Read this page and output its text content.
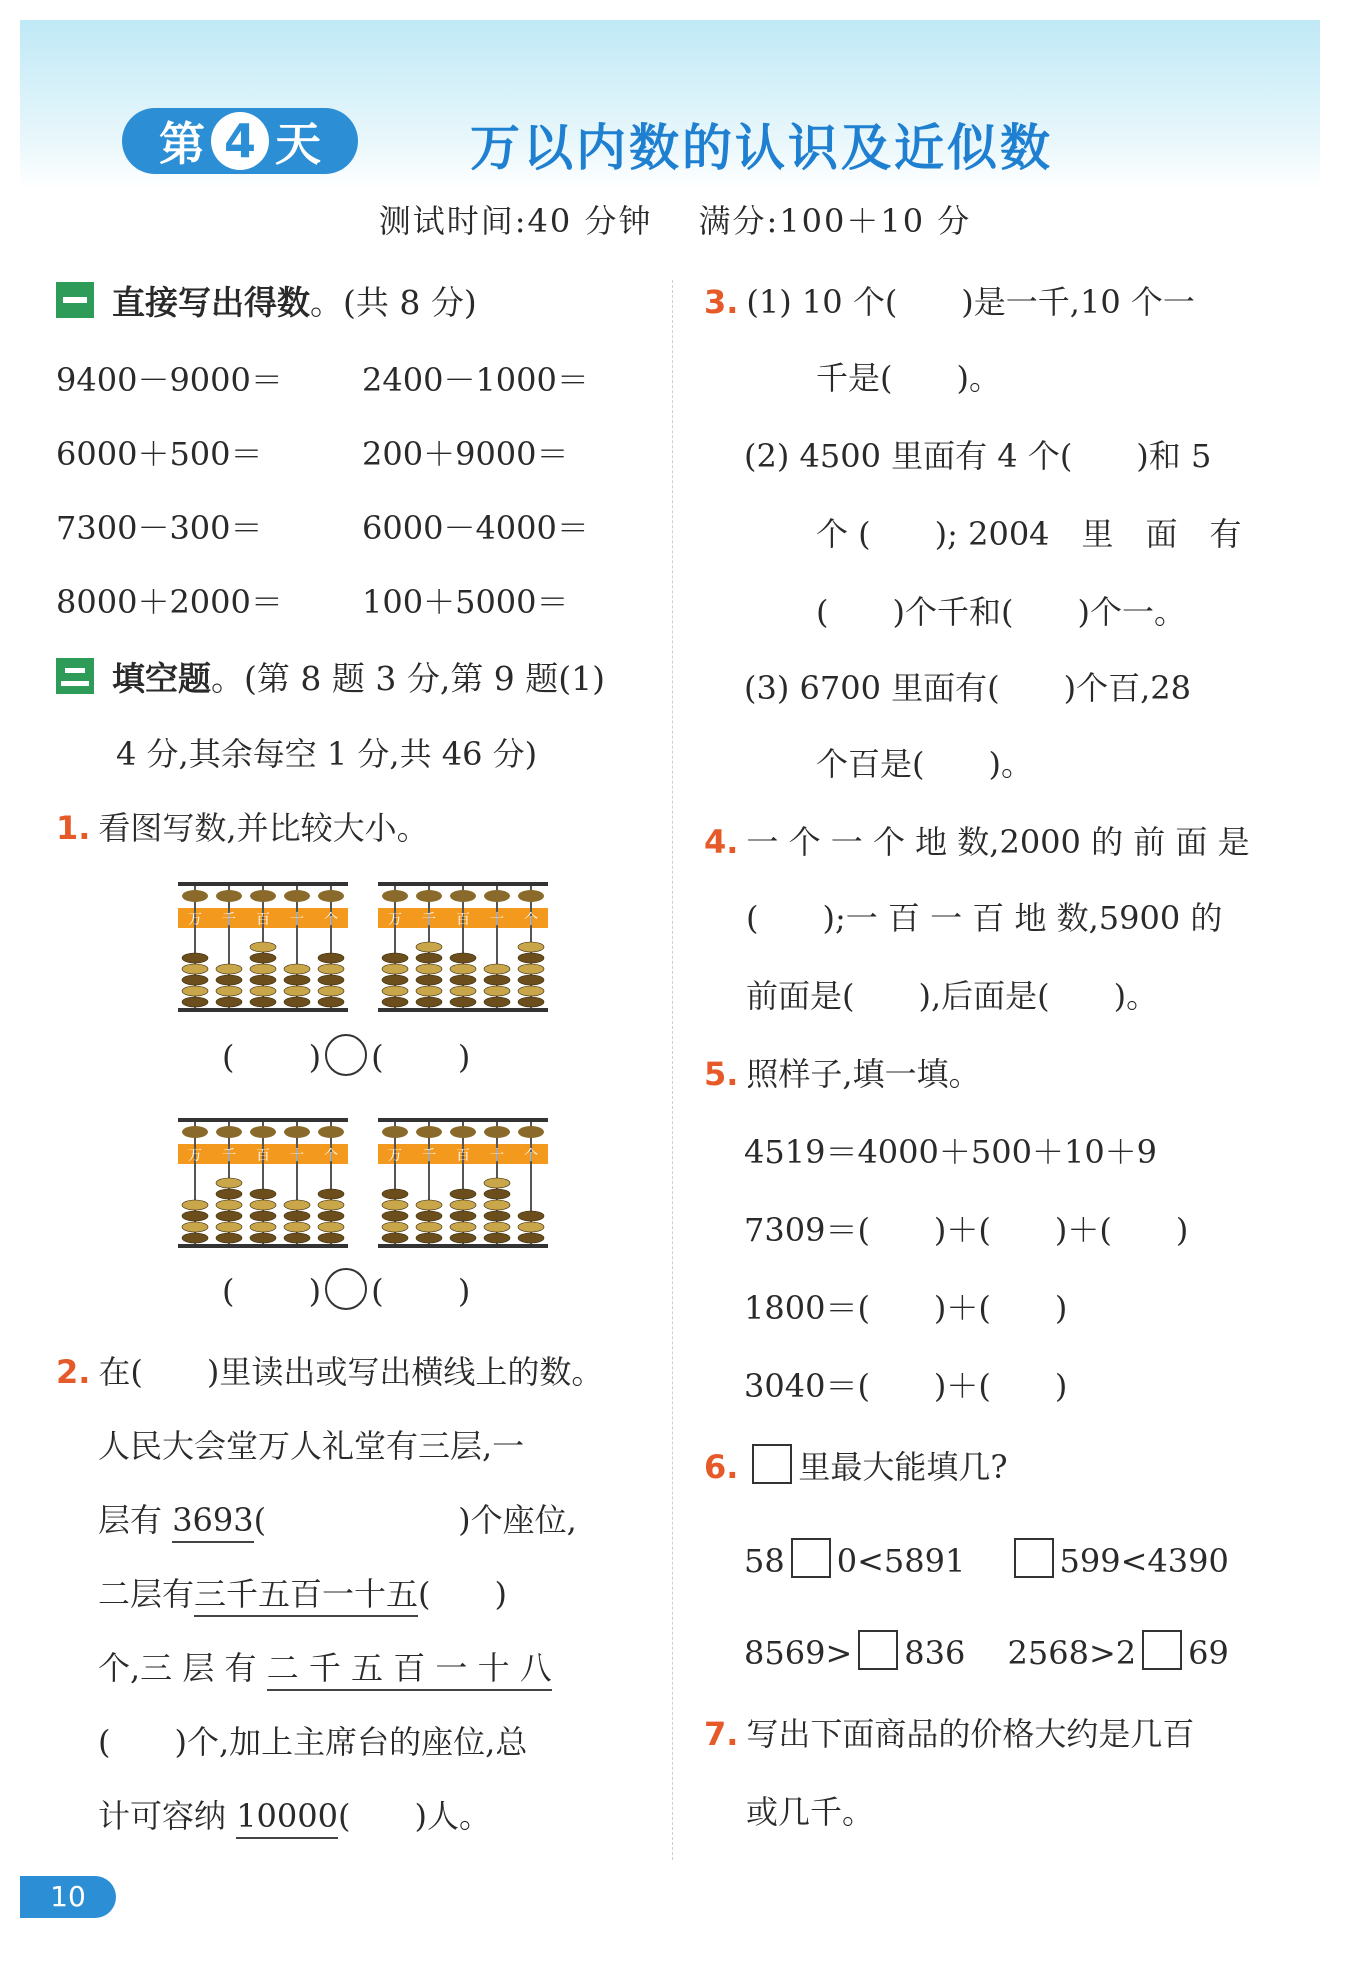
第 4 天	万以内数的认识及近似数
测试时间:40 分钟　 满分:100＋10 分
直接写出得数。(共 8 分)
9400－9000＝ 2400－1000＝
6000＋500＝	200＋9000＝
7300－300＝	6000－4000＝
8000＋2000＝ 100＋5000＝
填空题。(第 8 题 3 分,第 9 题(1)
4 分,其余每空 1 分,共 46 分)
1. 看图写数,并比较大小。
万 千 百 十 个	万 千 百 十 个
万 千 百 十 个	万 千 百 十 个
(　　 ) (　　 )
(　　 ) (　　 )
2. 在(　　)里读出或写出横线上的数。
人民大会堂万人礼堂有三层,一
层有 3693(　　　　　　)个座位,
二层有三千五百一十五(　　)
个,三 层 有 二 千 五 百 一 十 八
(　　)个,加上主席台的座位,总
计可容纳 10000(　　)人。
3. (1) 10 个(　　)是一千,10 个一
千是(　　)。
(2) 4500 里面有 4 个(　　)和 5
个 (　　); 2004　里　面　有
(　　)个千和(　　)个一。
(3) 6700 里面有(　　)个百,28
个百是(　　)。
4. 一 个 一 个 地 数,2000 的 前 面 是
(　　);一 百 一 百 地 数,5900 的
前面是(　　),后面是(　　)。
5. 照样子,填一填。
4519＝4000＋500＋10＋9
7309＝(　　)＋(　　)＋(　　)
1800＝(　　)＋(　　)
3040＝(　　)＋(　　)
6. 里最大能填几?
58 0<5891　	599<4390
8569> 836　 2568>2 69
7. 写出下面商品的价格大约是几百
或几千。
10
